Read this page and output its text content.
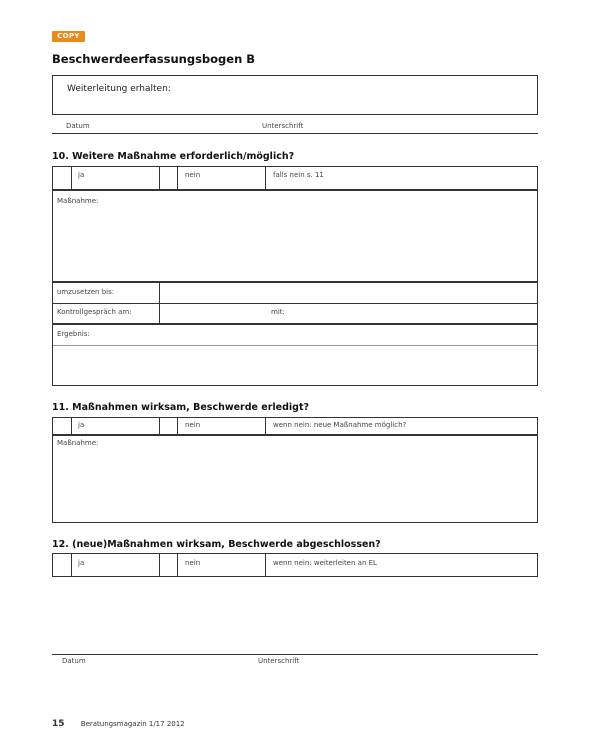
COPY
Beschwerdeerfassungsbogen B
Weiterleitung erhalten:
Datum	Unterschrift
10. Weitere Maßnahme erforderlich/möglich?
ja	nein	falls nein s. 11
Maßnahme:
umzusetzen bis:
Kontrollgespräch am:	mit:
Ergebnis:
11. Maßnahmen wirksam, Beschwerde erledigt?
ja	nein	wenn nein: neue Maßnahme möglich?
Maßnahme:
12. (neue)Maßnahmen wirksam, Beschwerde abgeschlossen?
ja	nein	wenn nein: weiterleiten an EL
Datum	Unterschrift
15 Beratungsmagazin 1/17 2012
